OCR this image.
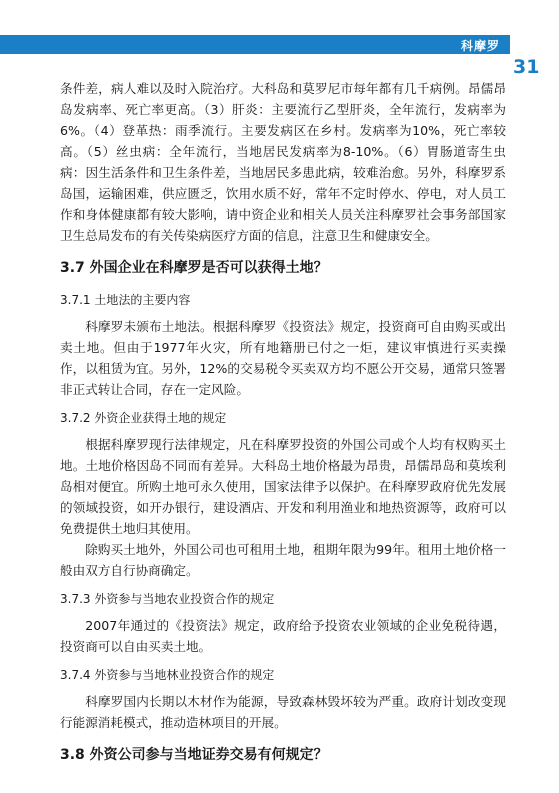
科摩罗
31

条件差，病人难以及时入院治疗。大科岛和莫罗尼市每年都有几千病例。昂儒昂岛发病率、死亡率更高。（3）肝炎：主要流行乙型肝炎，全年流行，发病率为6%。（4）登革热：雨季流行。主要发病区在乡村。发病率为10%，死亡率较高。（5）丝虫病：全年流行，当地居民发病率为8-10%。（6）胃肠道寄生虫病：因生活条件和卫生条件差，当地居民多患此病，较难治愈。另外，科摩罗系岛国，运输困难，供应匮乏，饮用水质不好，常年不定时停水、停电，对人员工作和身体健康都有较大影响，请中资企业和相关人员关注科摩罗社会事务部国家卫生总局发布的有关传染病医疗方面的信息，注意卫生和健康安全。

3.7 外国企业在科摩罗是否可以获得土地？
3.7.1 土地法的主要内容

科摩罗未颁布土地法。根据科摩罗《投资法》规定，投资商可自由购买或出卖土地。但由于1977年火灾，所有地籍册已付之一炬，建议审慎进行买卖操作，以租赁为宜。另外，12%的交易税令买卖双方均不愿公开交易，通常只签署非正式转让合同，存在一定风险。

3.7.2 外资企业获得土地的规定

根据科摩罗现行法律规定，凡在科摩罗投资的外国公司或个人均有权购买土地。土地价格因岛不同而有差异。大科岛土地价格最为昂贵，昂儒昂岛和莫埃利岛相对便宜。所购土地可永久使用，国家法律予以保护。在科摩罗政府优先发展的领域投资，如开办银行，建设酒店、开发和利用渔业和地热资源等，政府可以免费提供土地归其使用。

除购买土地外，外国公司也可租用土地，租期年限为99年。租用土地价格一般由双方自行协商确定。

3.7.3 外资参与当地农业投资合作的规定

2007年通过的《投资法》规定，政府给予投资农业领域的企业免税待遇，投资商可以自由买卖土地。

3.7.4 外资参与当地林业投资合作的规定

科摩罗国内长期以木材作为能源，导致森林毁坏较为严重。政府计划改变现行能源消耗模式，推动造林项目的开展。

3.8 外资公司参与当地证券交易有何规定？
